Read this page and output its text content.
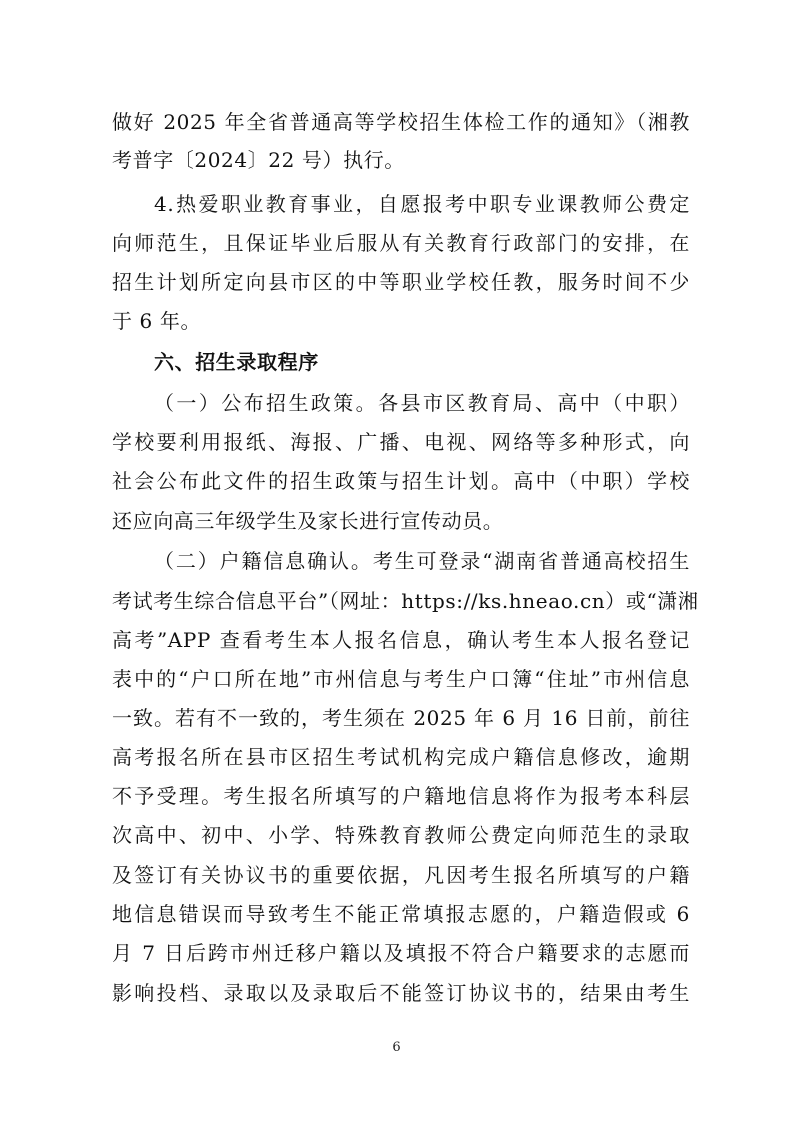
做好 2025 年全省普通高等学校招生体检工作的通知》（湘教
考普字〔2024〕22 号）执行。
4.热爱职业教育事业，自愿报考中职专业课教师公费定
向师范生，且保证毕业后服从有关教育行政部门的安排，在
招生计划所定向县市区的中等职业学校任教，服务时间不少
于 6 年。
六、招生录取程序
（一）公布招生政策。各县市区教育局、高中（中职）
学校要利用报纸、海报、广播、电视、网络等多种形式，向
社会公布此文件的招生政策与招生计划。高中（中职）学校
还应向高三年级学生及家长进行宣传动员。
（二）户籍信息确认。考生可登录“湖南省普通高校招生
考试考生综合信息平台”（网址：https://ks.hneao.cn）或“潇湘
高考”APP 查看考生本人报名信息，确认考生本人报名登记
表中的“户口所在地”市州信息与考生户口簿“住址”市州信息
一致。若有不一致的，考生须在 2025 年 6 月 16 日前，前往
高考报名所在县市区招生考试机构完成户籍信息修改，逾期
不予受理。考生报名所填写的户籍地信息将作为报考本科层
次高中、初中、小学、特殊教育教师公费定向师范生的录取
及签订有关协议书的重要依据，凡因考生报名所填写的户籍
地信息错误而导致考生不能正常填报志愿的，户籍造假或 6
月 7 日后跨市州迁移户籍以及填报不符合户籍要求的志愿而
影响投档、录取以及录取后不能签订协议书的，结果由考生
6
